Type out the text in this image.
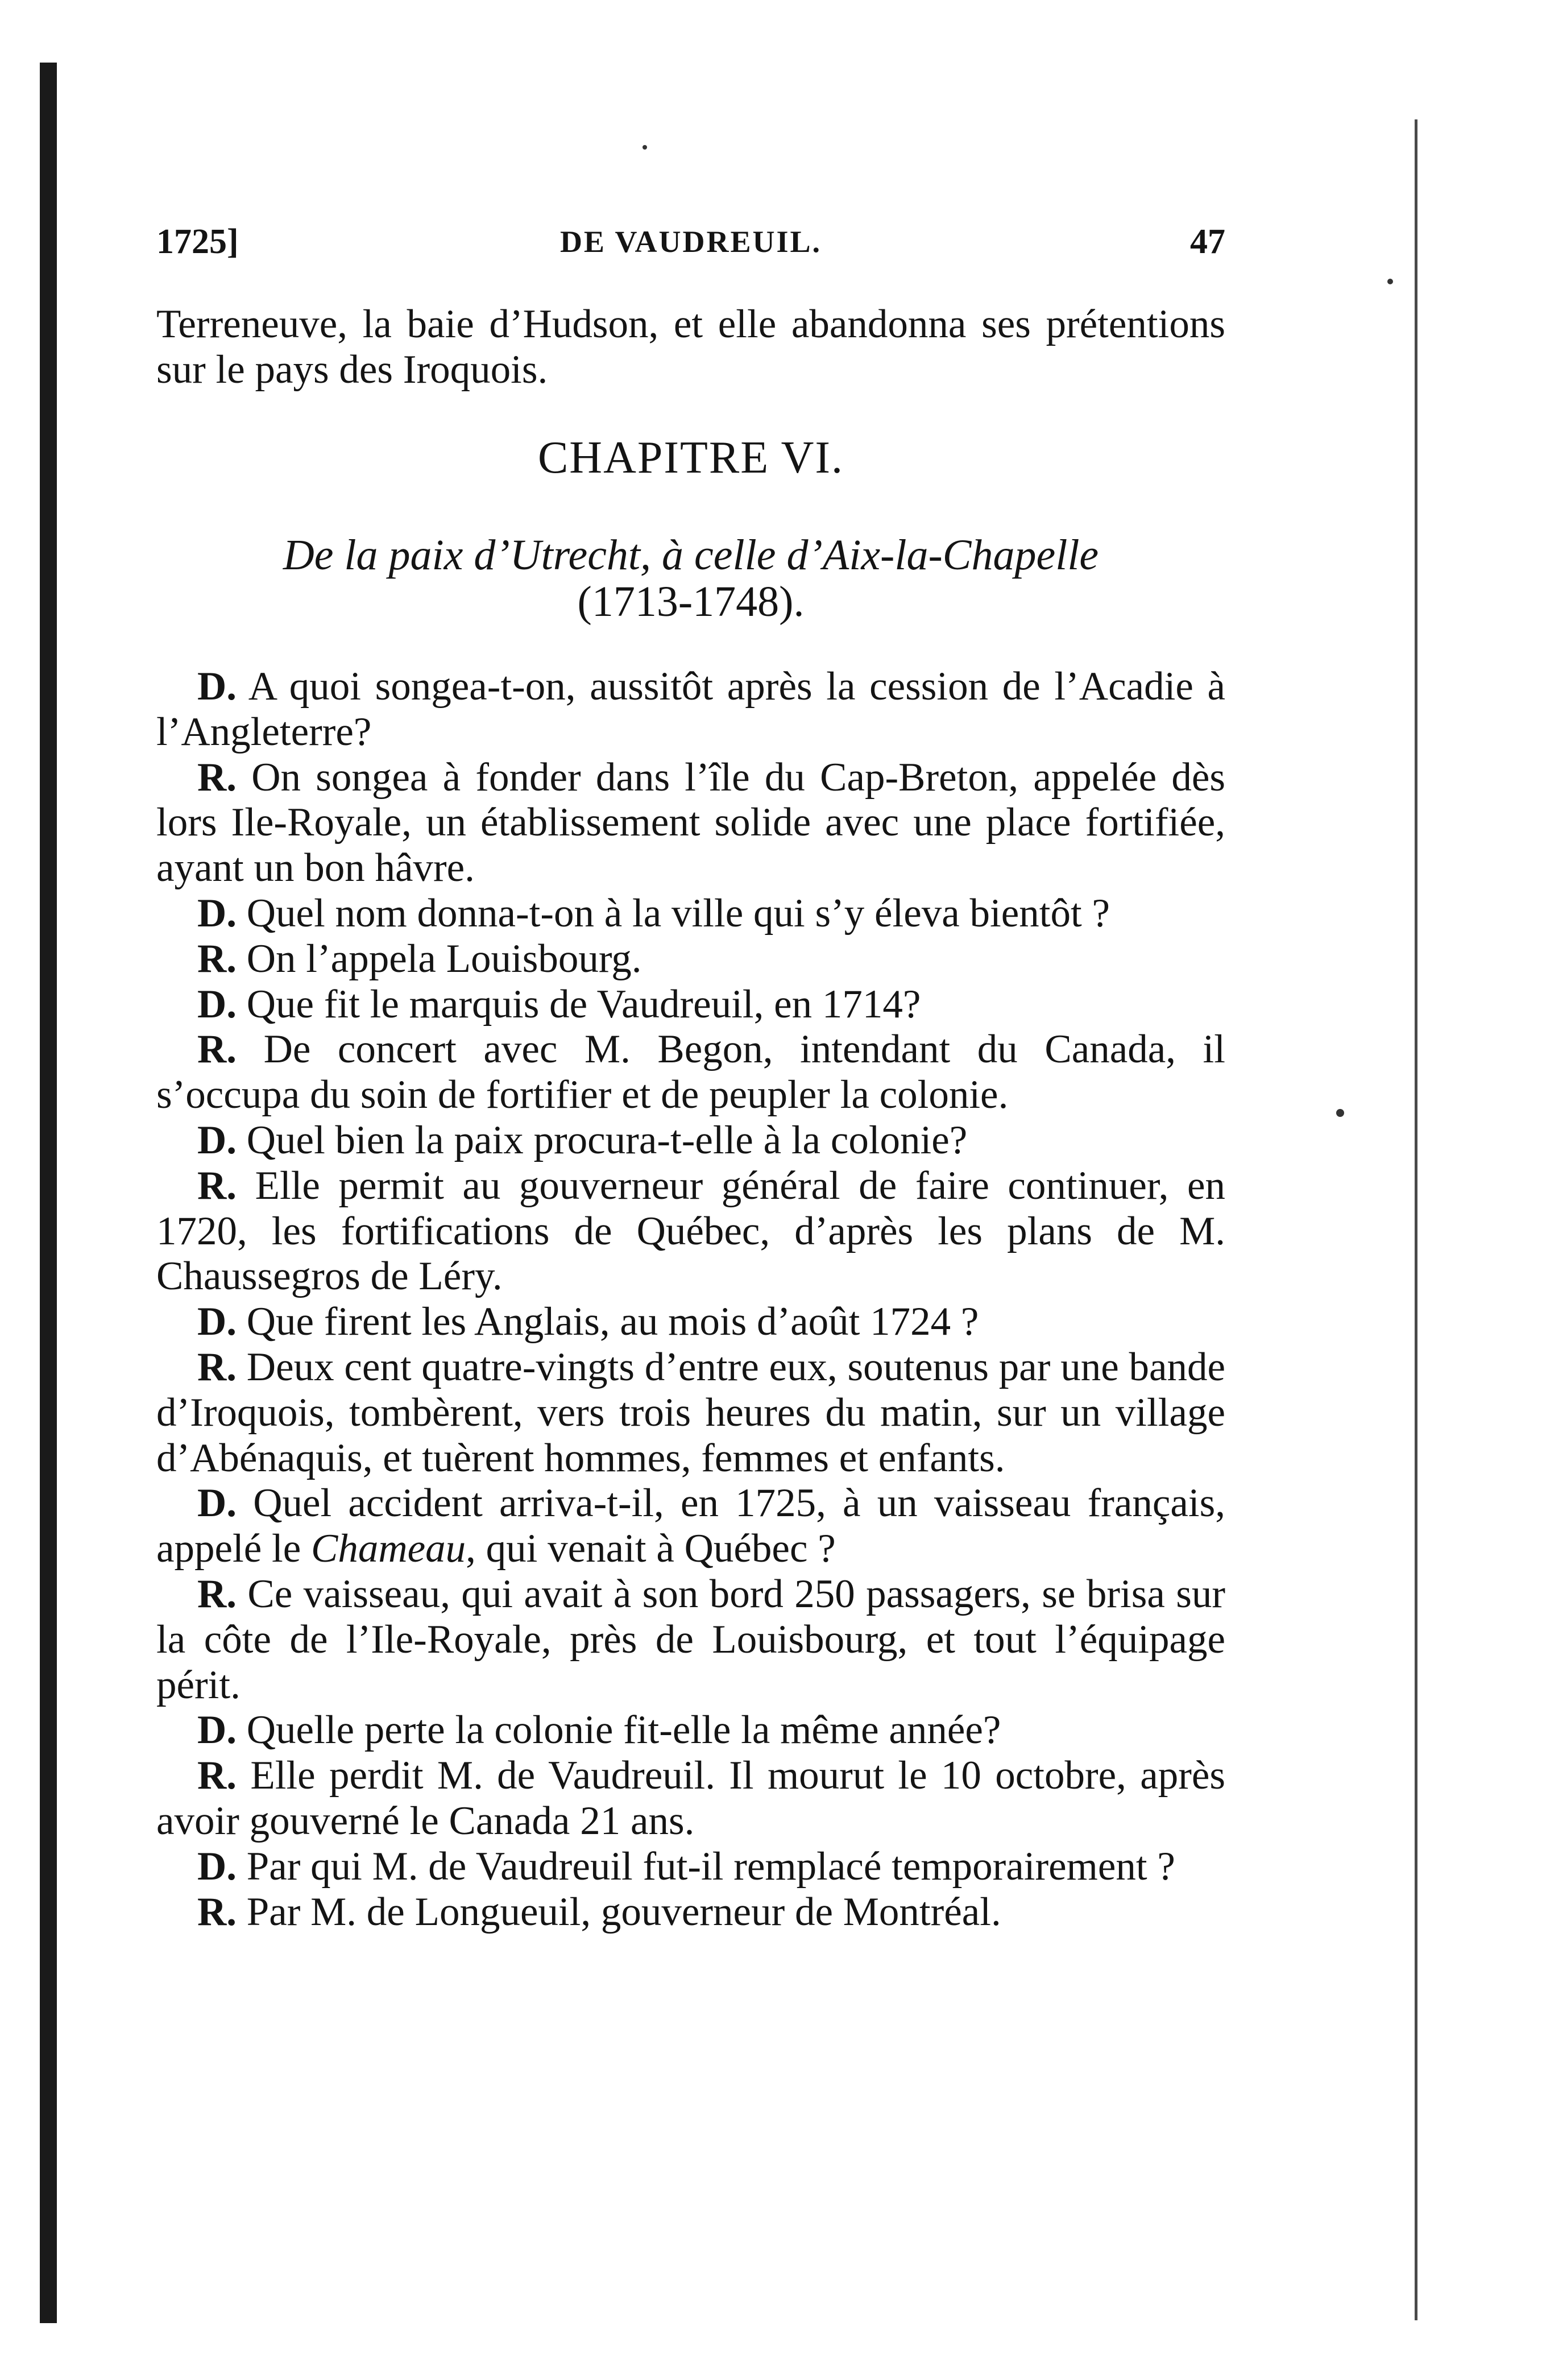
1725]	DE VAUDREUIL.	47

Terreneuve, la baie d’Hudson, et elle abandonna ses prétentions sur le pays des Iroquois.

CHAPITRE VI.
De la paix d’Utrecht, à celle d’Aix-la-Chapelle
(1713-1748).

D. A quoi songea-t-on, aussitôt après la cession de l’Acadie à l’Angleterre?

R. On songea à fonder dans l’île du Cap-Breton, appelée dès lors Ile-Royale, un établissement solide avec une place fortifiée, ayant un bon hâvre.

D. Quel nom donna-t-on à la ville qui s’y éleva bientôt ?

R. On l’appela Louisbourg.

D. Que fit le marquis de Vaudreuil, en 1714?

R. De concert avec M. Begon, intendant du Canada, il s’occupa du soin de fortifier et de peupler la colonie.

D. Quel bien la paix procura-t-elle à la colonie?

R. Elle permit au gouverneur général de faire continuer, en 1720, les fortifications de Québec, d’après les plans de M. Chaussegros de Léry.

D. Que firent les Anglais, au mois d’août 1724 ?

R. Deux cent quatre-vingts d’entre eux, soutenus par une bande d’Iroquois, tombèrent, vers trois heures du matin, sur un village d’Abénaquis, et tuèrent hommes, femmes et enfants.

D. Quel accident arriva-t-il, en 1725, à un vaisseau français, appelé le Chameau, qui venait à Québec ?

R. Ce vaisseau, qui avait à son bord 250 passagers, se brisa sur la côte de l’Ile-Royale, près de Louisbourg, et tout l’équipage périt.

D. Quelle perte la colonie fit-elle la même année?

R. Elle perdit M. de Vaudreuil. Il mourut le 10 octobre, après avoir gouverné le Canada 21 ans.

D. Par qui M. de Vaudreuil fut-il remplacé temporairement ?

R. Par M. de Longueuil, gouverneur de Montréal.
